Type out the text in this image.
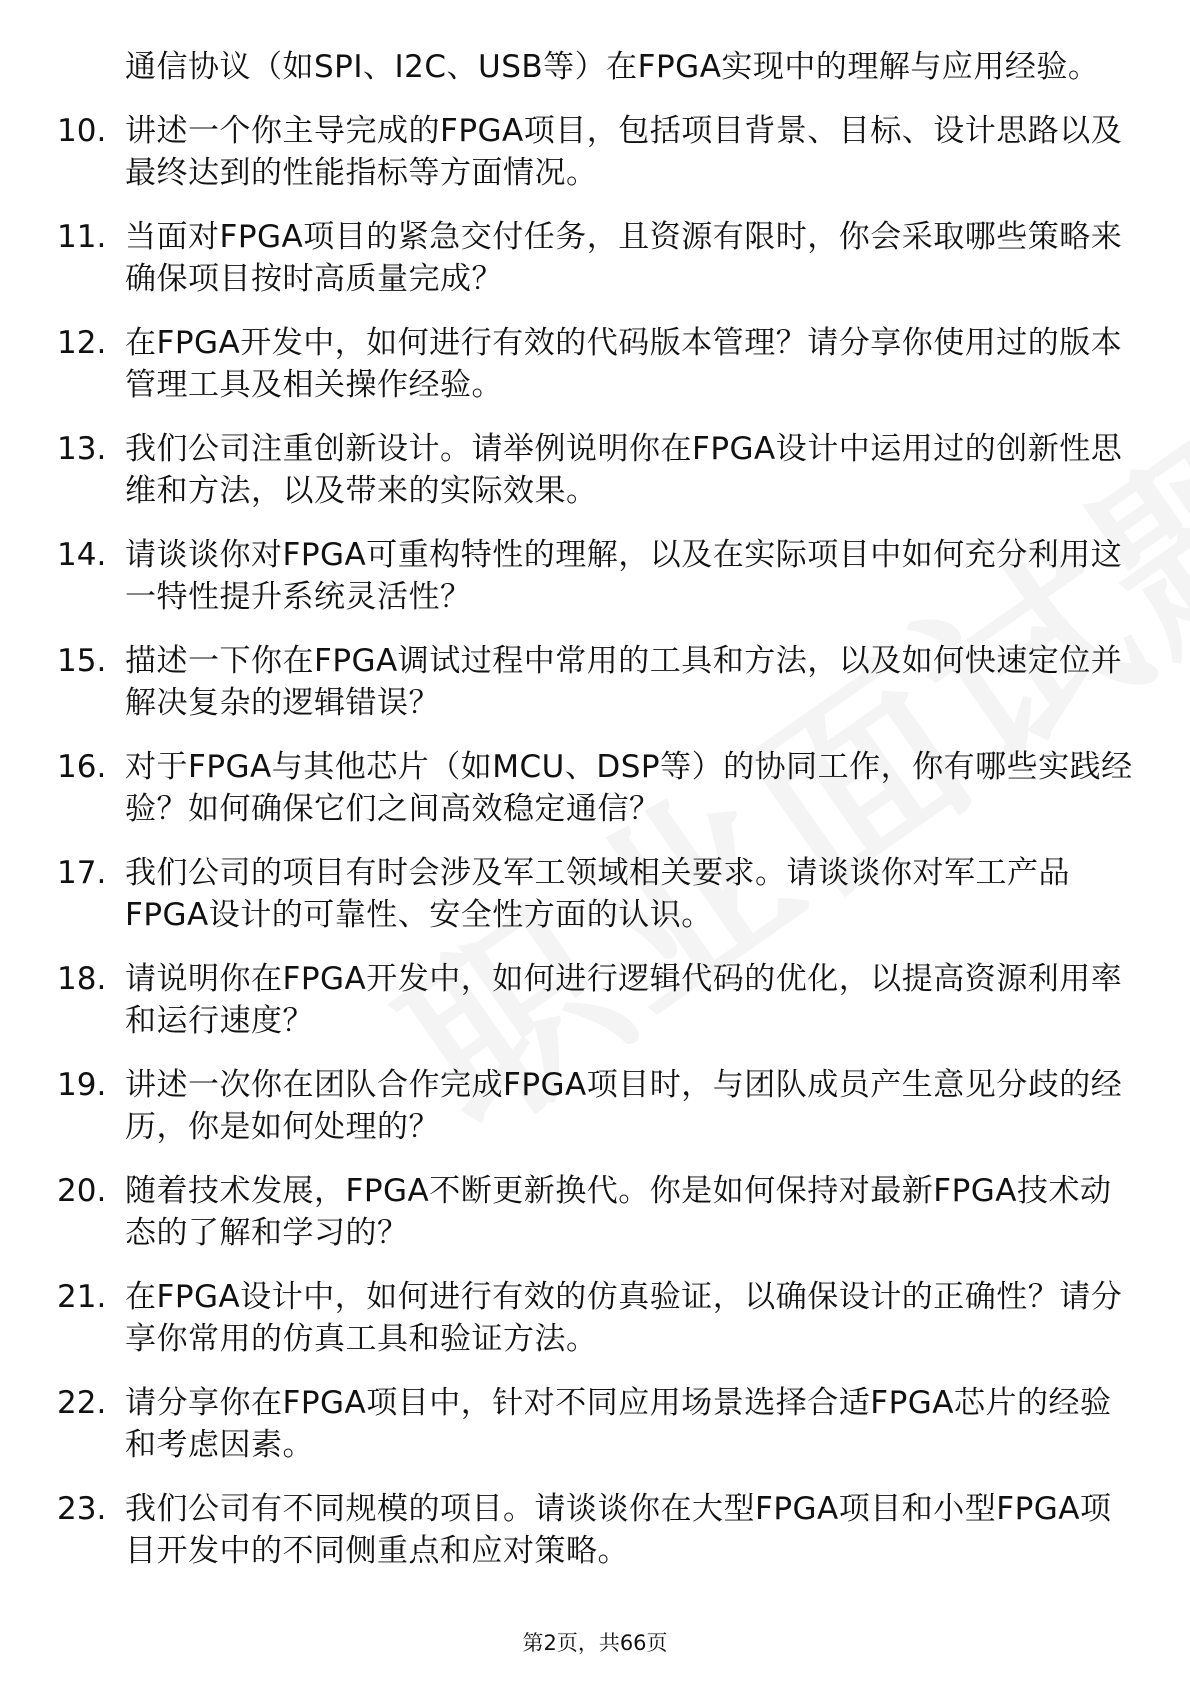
通信协议（如SPI、I2C、USB等）在FPGA实现中的理解与应用经验。
10. 讲述一个你主导完成的FPGA项目，包括项目背景、目标、设计思路以及最终达到的性能指标等方面情况。
11. 当面对FPGA项目的紧急交付任务，且资源有限时，你会采取哪些策略来确保项目按时高质量完成？
12. 在FPGA开发中，如何进行有效的代码版本管理？请分享你使用过的版本管理工具及相关操作经验。
13. 我们公司注重创新设计。请举例说明你在FPGA设计中运用过的创新性思维和方法，以及带来的实际效果。
14. 请谈谈你对FPGA可重构特性的理解，以及在实际项目中如何充分利用这一特性提升系统灵活性？
15. 描述一下你在FPGA调试过程中常用的工具和方法，以及如何快速定位并解决复杂的逻辑错误？
16. 对于FPGA与其他芯片（如MCU、DSP等）的协同工作，你有哪些实践经验？如何确保它们之间高效稳定通信？
17. 我们公司的项目有时会涉及军工领域相关要求。请谈谈你对军工产品FPGA设计的可靠性、安全性方面的认识。
18. 请说明你在FPGA开发中，如何进行逻辑代码的优化，以提高资源利用率和运行速度？
19. 讲述一次你在团队合作完成FPGA项目时，与团队成员产生意见分歧的经历，你是如何处理的？
20. 随着技术发展，FPGA不断更新换代。你是如何保持对最新FPGA技术动态的了解和学习的？
21. 在FPGA设计中，如何进行有效的仿真验证，以确保设计的正确性？请分享你常用的仿真工具和验证方法。
22. 请分享你在FPGA项目中，针对不同应用场景选择合适FPGA芯片的经验和考虑因素。
23. 我们公司有不同规模的项目。请谈谈你在大型FPGA项目和小型FPGA项目开发中的不同侧重点和应对策略。
第2页，共66页
